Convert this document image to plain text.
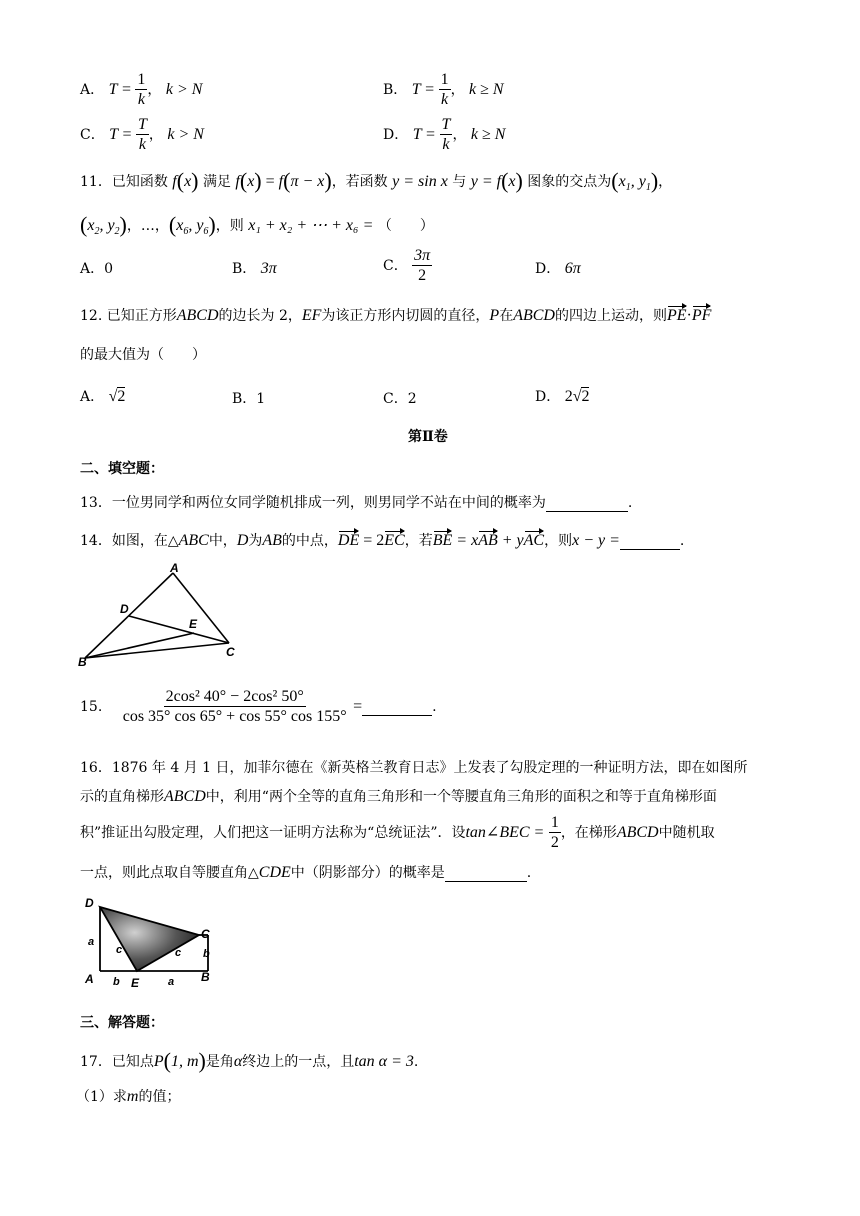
A． $T = \frac{1}{k}$ ， k > N	B． $T = \frac{1}{k}$ ， k ≥ N
C． $T = \frac{T}{k}$ ， k > N	D． $T = \frac{T}{k}$ ， k ≥ N
11．已知函数 f(x) 满足 f(x) = f(π − x)，若函数 y = sin x 与 y = f(x) 图象的交点为($x_1$, $y_1$)，
($x_2$, $y_2$)，…，($x_6$, $y_6$)，则 x₁ + x₂ + ⋯ + x₆ = （　　）
A．0	B． 3π	C． $\frac{3\pi}{2}$	D． 6π
12. 已知正方形ABCD的边长为 2，EF为该正方形内切圆的直径，P在ABCD的四边上运动，则PE·PF
的最大值为（　　）
A． √2	B．1	C．2	D． 2√2
第Ⅱ卷
二、填空题：
13．一位男同学和两位女同学随机排成一列，则男同学不站在中间的概率为	.
14．如图，在△ABC中，D为AB的中点，DE = 2EC，若BE = xAB + yAC，则x − y =	.
A
B
C
D
E
15. $\frac{\text{2cos² 40° − 2cos² 50°}}{\cos 35^\circ \cos 65^\circ + \cos 55^\circ \cos 155^\circ}$ =	.
16．1876 年 4 月 1 日，加菲尔德在《新英格兰教育日志》上发表了勾股定理的一种证明方法，即在如图所
示的直角梯形ABCD中，利用“两个全等的直角三角形和一个等腰直角三角形的面积之和等于直角梯形面
积”推证出勾股定理，人们把这一证明方法称为“总统证法”．设tan∠BEC = $\frac{1}{2}$ ，在梯形ABCD中随机取
一点，则此点取自等腰直角△CDE中（阴影部分）的概率是	.
D
C
A	B
E
a
a
b
b
c	c
三、解答题：
17．已知点P(1, m)是角α终边上的一点，且tan α = 3.
（1）求m的值；
